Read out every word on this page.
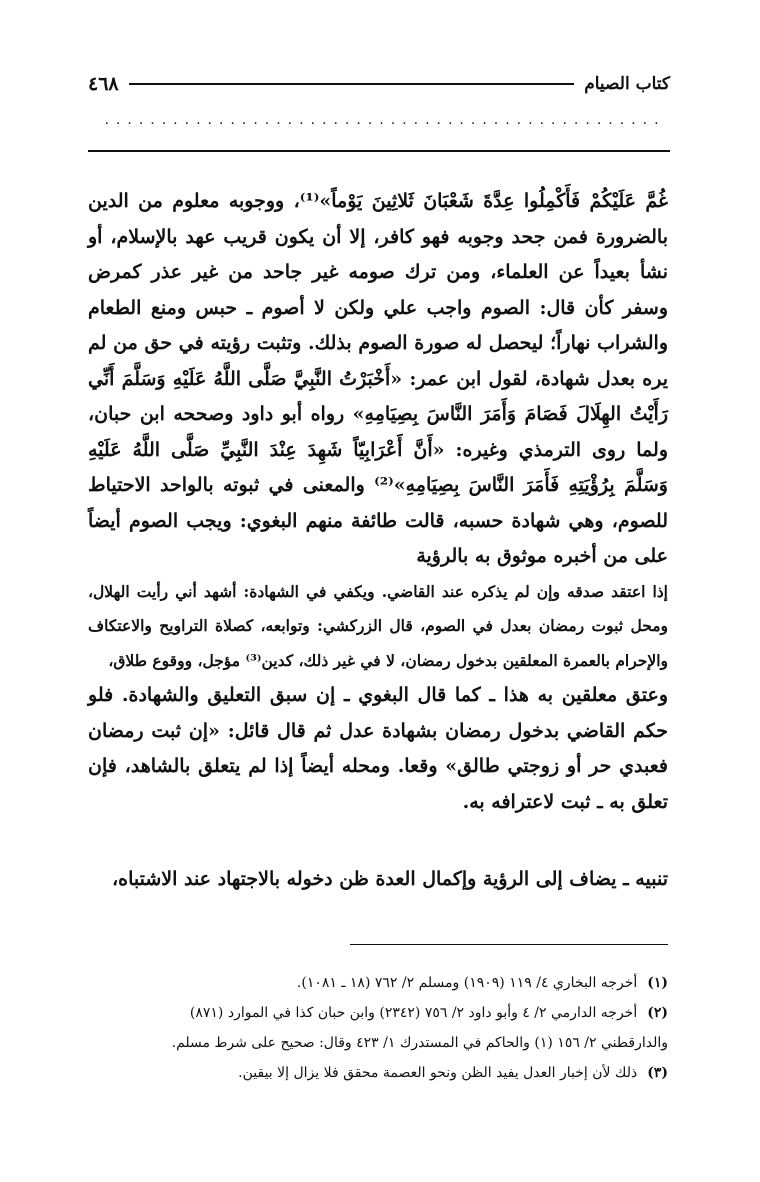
كتاب الصيام
٤٦٨
.................................................

غُمَّ عَلَيْكُمْ فَأَكْمِلُوا عِدَّةَ شَعْبَانَ ثَلاثِينَ يَوْماً»⁽¹⁾، ووجوبه معلوم من الدين بالضرورة فمن جحد وجوبه فهو كافر، إلا أن يكون قريب عهد بالإسلام، أو نشأ بعيداً عن العلماء، ومن ترك صومه غير جاحد من غير عذر كمرض وسفر كأن قال: الصوم واجب علي ولكن لا أصوم ـ حبس ومنع الطعام والشراب نهاراً؛ ليحصل له صورة الصوم بذلك. وتثبت رؤيته في حق من لم يره بعدل شهادة، لقول ابن عمر: «أَخْبَرْتُ النَّبِيَّ صَلَّى اللَّهُ عَلَيْهِ وَسَلَّمَ أَنِّي رَأَيْتُ الهِلَالَ فَصَامَ وَأَمَرَ النَّاسَ بِصِيَامِهِ» رواه أبو داود وصححه ابن حبان، ولما روى الترمذي وغيره: «أَنَّ أَعْرَابِيّاً شَهِدَ عِنْدَ النَّبِيِّ صَلَّى اللَّهُ عَلَيْهِ وَسَلَّمَ بِرُؤْيَتِهِ فَأَمَرَ النَّاسَ بِصِيَامِهِ»⁽²⁾ والمعنى في ثبوته بالواحد الاحتياط للصوم، وهي شهادة حسبه، قالت طائفة منهم البغوي: ويجب الصوم أيضاً على من أخبره موثوق به بالرؤية

إذا اعتقد صدقه وإن لم يذكره عند القاضي. ويكفي في الشهادة: أشهد أني رأيت الهلال، ومحل ثبوت رمضان بعدل في الصوم، قال الزركشي: وتوابعه، كصلاة التراويح والاعتكاف والإحرام بالعمرة المعلقين بدخول رمضان، لا في غير ذلك، كدين⁽³⁾ مؤجل، ووقوع طلاق،

وعتق معلقين به هذا ـ كما قال البغوي ـ إن سبق التعليق والشهادة. فلو حكم القاضي بدخول رمضان بشهادة عدل ثم قال قائل: «إن ثبت رمضان فعبدي حر أو زوجتي طالق» وقعا. ومحله أيضاً إذا لم يتعلق بالشاهد، فإن تعلق به ـ ثبت لاعترافه به.

تنبيه ـ يضاف إلى الرؤية وإكمال العدة ظن دخوله بالاجتهاد عند الاشتباه،

(١)أخرجه البخاري ٤/ ١١٩ (١٩٠٩) ومسلم ٢/ ٧٦٢ (١٨ ـ ١٠٨١).

(٢)أخرجه الدارمي ٢/ ٤ وأبو داود ٢/ ٧٥٦ (٢٣٤٢) وابن حبان كذا في الموارد (٨٧١)

والدارقطني ٢/ ١٥٦ (١) والحاكم في المستدرك ١/ ٤٢٣ وقال: صحيح على شرط مسلم.

(٣)ذلك لأن إخبار العدل يفيد الظن ونحو العصمة محقق فلا يزال إلا بيقين.
